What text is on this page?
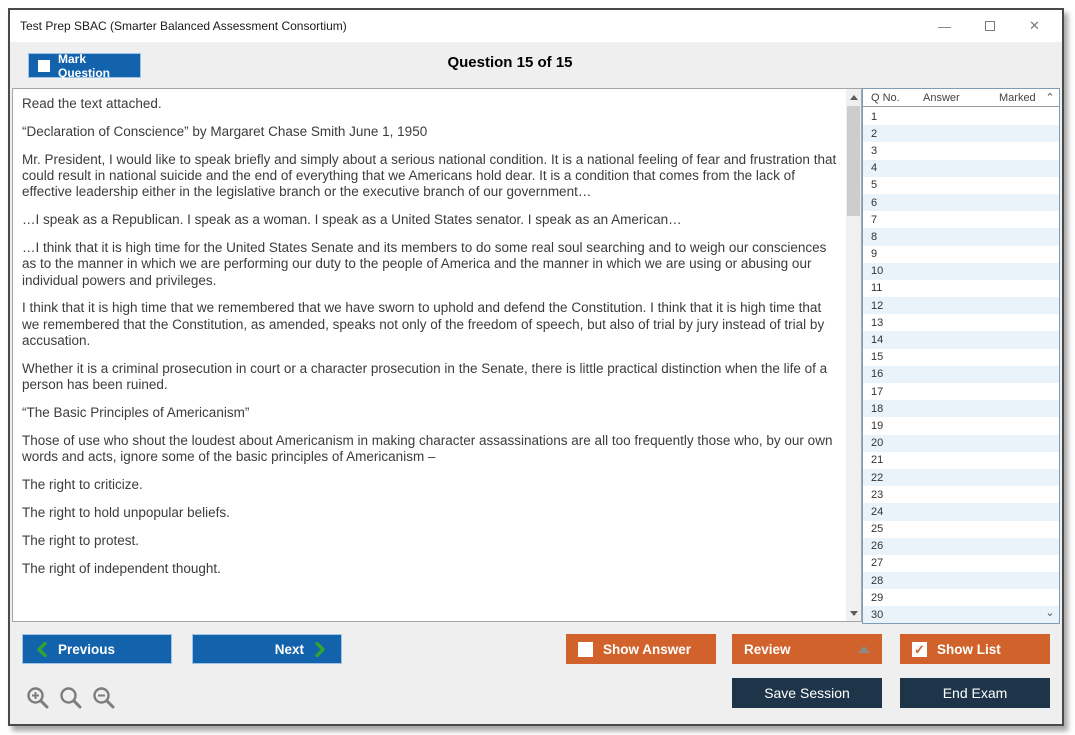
Test Prep SBAC (Smarter Balanced Assessment Consortium)	—	✕
Mark Question
Question 15 of 15

Read the text attached.

“Declaration of Conscience” by Margaret Chase Smith June 1, 1950

Mr. President, I would like to speak briefly and simply about a serious national condition. It is a national feeling of fear and frustration that could result in national suicide and the end of everything that we Americans hold dear. It is a condition that comes from the lack of effective leadership either in the legislative branch or the executive branch of our government…

…I speak as a Republican. I speak as a woman. I speak as a United States senator. I speak as an American…

…I think that it is high time for the United States Senate and its members to do some real soul searching and to weigh our consciences as to the manner in which we are performing our duty to the people of America and the manner in which we are using or abusing our individual powers and privileges.

I think that it is high time that we remembered that we have sworn to uphold and defend the Constitution. I think that it is high time that we remembered that the Constitution, as amended, speaks not only of the freedom of speech, but also of trial by jury instead of trial by accusation.

Whether it is a criminal prosecution in court or a character prosecution in the Senate, there is little practical distinction when the life of a person has been ruined.

“The Basic Principles of Americanism”

Those of use who shout the loudest about Americanism in making character assassinations are all too frequently those who, by our own words and acts, ignore some of the basic principles of Americanism –

The right to criticize.

The right to hold unpopular beliefs.

The right to protest.

The right of independent thought.

Q No.	Answer	Marked
1
2
3
4
5
6
7
8
9
10
11
12
13
14
15
16
17
18
19
20
21
22
23
24
25
26
27
28
29
30
⌃
⌄
Previous	Next	Show Answer	Review	✓ Show List
Save Session	End Exam
